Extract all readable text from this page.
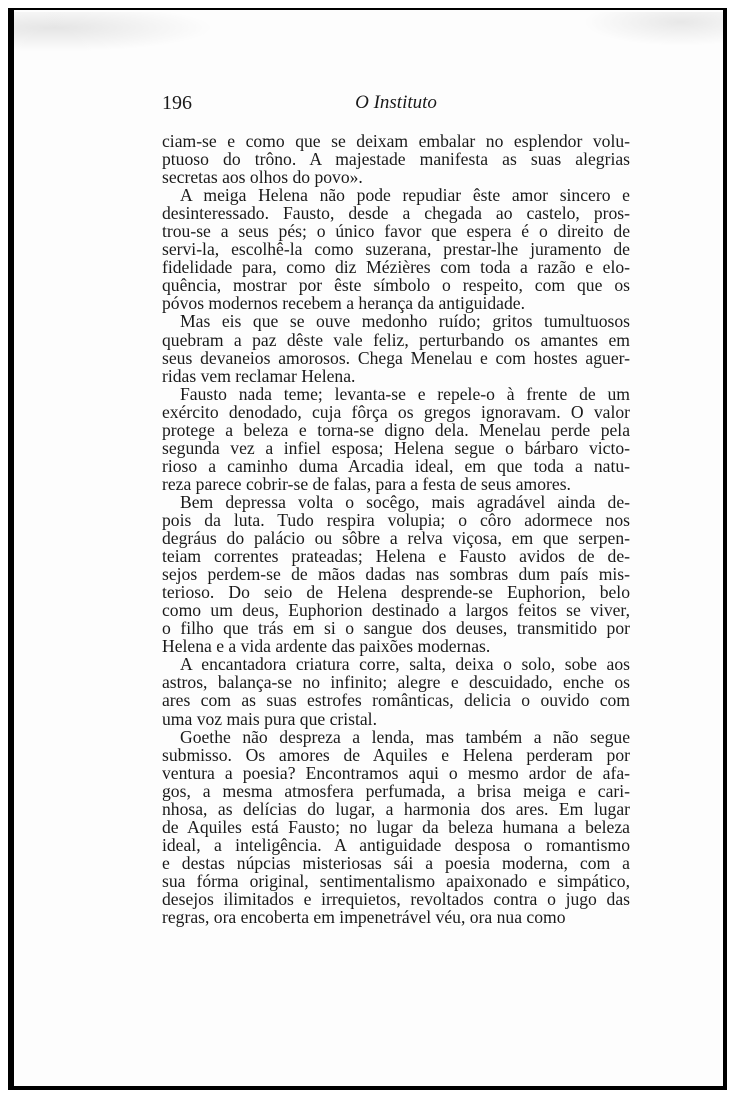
196	O Instituto
ciam-se e como que se deixam embalar no esplendor volu-
ptuoso do trôno. A majestade manifesta as suas alegrias
secretas aos olhos do povo».
A meiga Helena não pode repudiar êste amor sincero e
desinteressado. Fausto, desde a chegada ao castelo, pros-
trou-se a seus pés; o único favor que espera é o direito de
servi-la, escolhê-la como suzerana, prestar-lhe juramento de
fidelidade para, como diz Mézières com toda a razão e elo-
quência, mostrar por êste símbolo o respeito, com que os
póvos modernos recebem a herança da antiguidade.
Mas eis que se ouve medonho ruído; gritos tumultuosos
quebram a paz dêste vale feliz, perturbando os amantes em
seus devaneios amorosos. Chega Menelau e com hostes aguer-
ridas vem reclamar Helena.
Fausto nada teme; levanta-se e repele-o à frente de um
exército denodado, cuja fôrça os gregos ignoravam. O valor
protege a beleza e torna-se digno dela. Menelau perde pela
segunda vez a infiel esposa; Helena segue o bárbaro victo-
rioso a caminho duma Arcadia ideal, em que toda a natu-
reza parece cobrir-se de falas, para a festa de seus amores.
Bem depressa volta o socêgo, mais agradável ainda de-
pois da luta. Tudo respira volupia; o côro adormece nos
degráus do palácio ou sôbre a relva viçosa, em que serpen-
teiam correntes prateadas; Helena e Fausto avidos de de-
sejos perdem-se de mãos dadas nas sombras dum país mis-
terioso. Do seio de Helena desprende-se Euphorion, belo
como um deus, Euphorion destinado a largos feitos se viver,
o filho que trás em si o sangue dos deuses, transmitido por
Helena e a vida ardente das paixões modernas.
A encantadora criatura corre, salta, deixa o solo, sobe aos
astros, balança-se no infinito; alegre e descuidado, enche os
ares com as suas estrofes românticas, delicia o ouvido com
uma voz mais pura que cristal.
Goethe não despreza a lenda, mas também a não segue
submisso. Os amores de Aquiles e Helena perderam por
ventura a poesia? Encontramos aqui o mesmo ardor de afa-
gos, a mesma atmosfera perfumada, a brisa meiga e cari-
nhosa, as delícias do lugar, a harmonia dos ares. Em lugar
de Aquiles está Fausto; no lugar da beleza humana a beleza
ideal, a inteligência. A antiguidade desposa o romantismo
e destas núpcias misteriosas sái a poesia moderna, com a
sua fórma original, sentimentalismo apaixonado e simpático,
desejos ilimitados e irrequietos, revoltados contra o jugo das
regras, ora encoberta em impenetrável véu, ora nua como
